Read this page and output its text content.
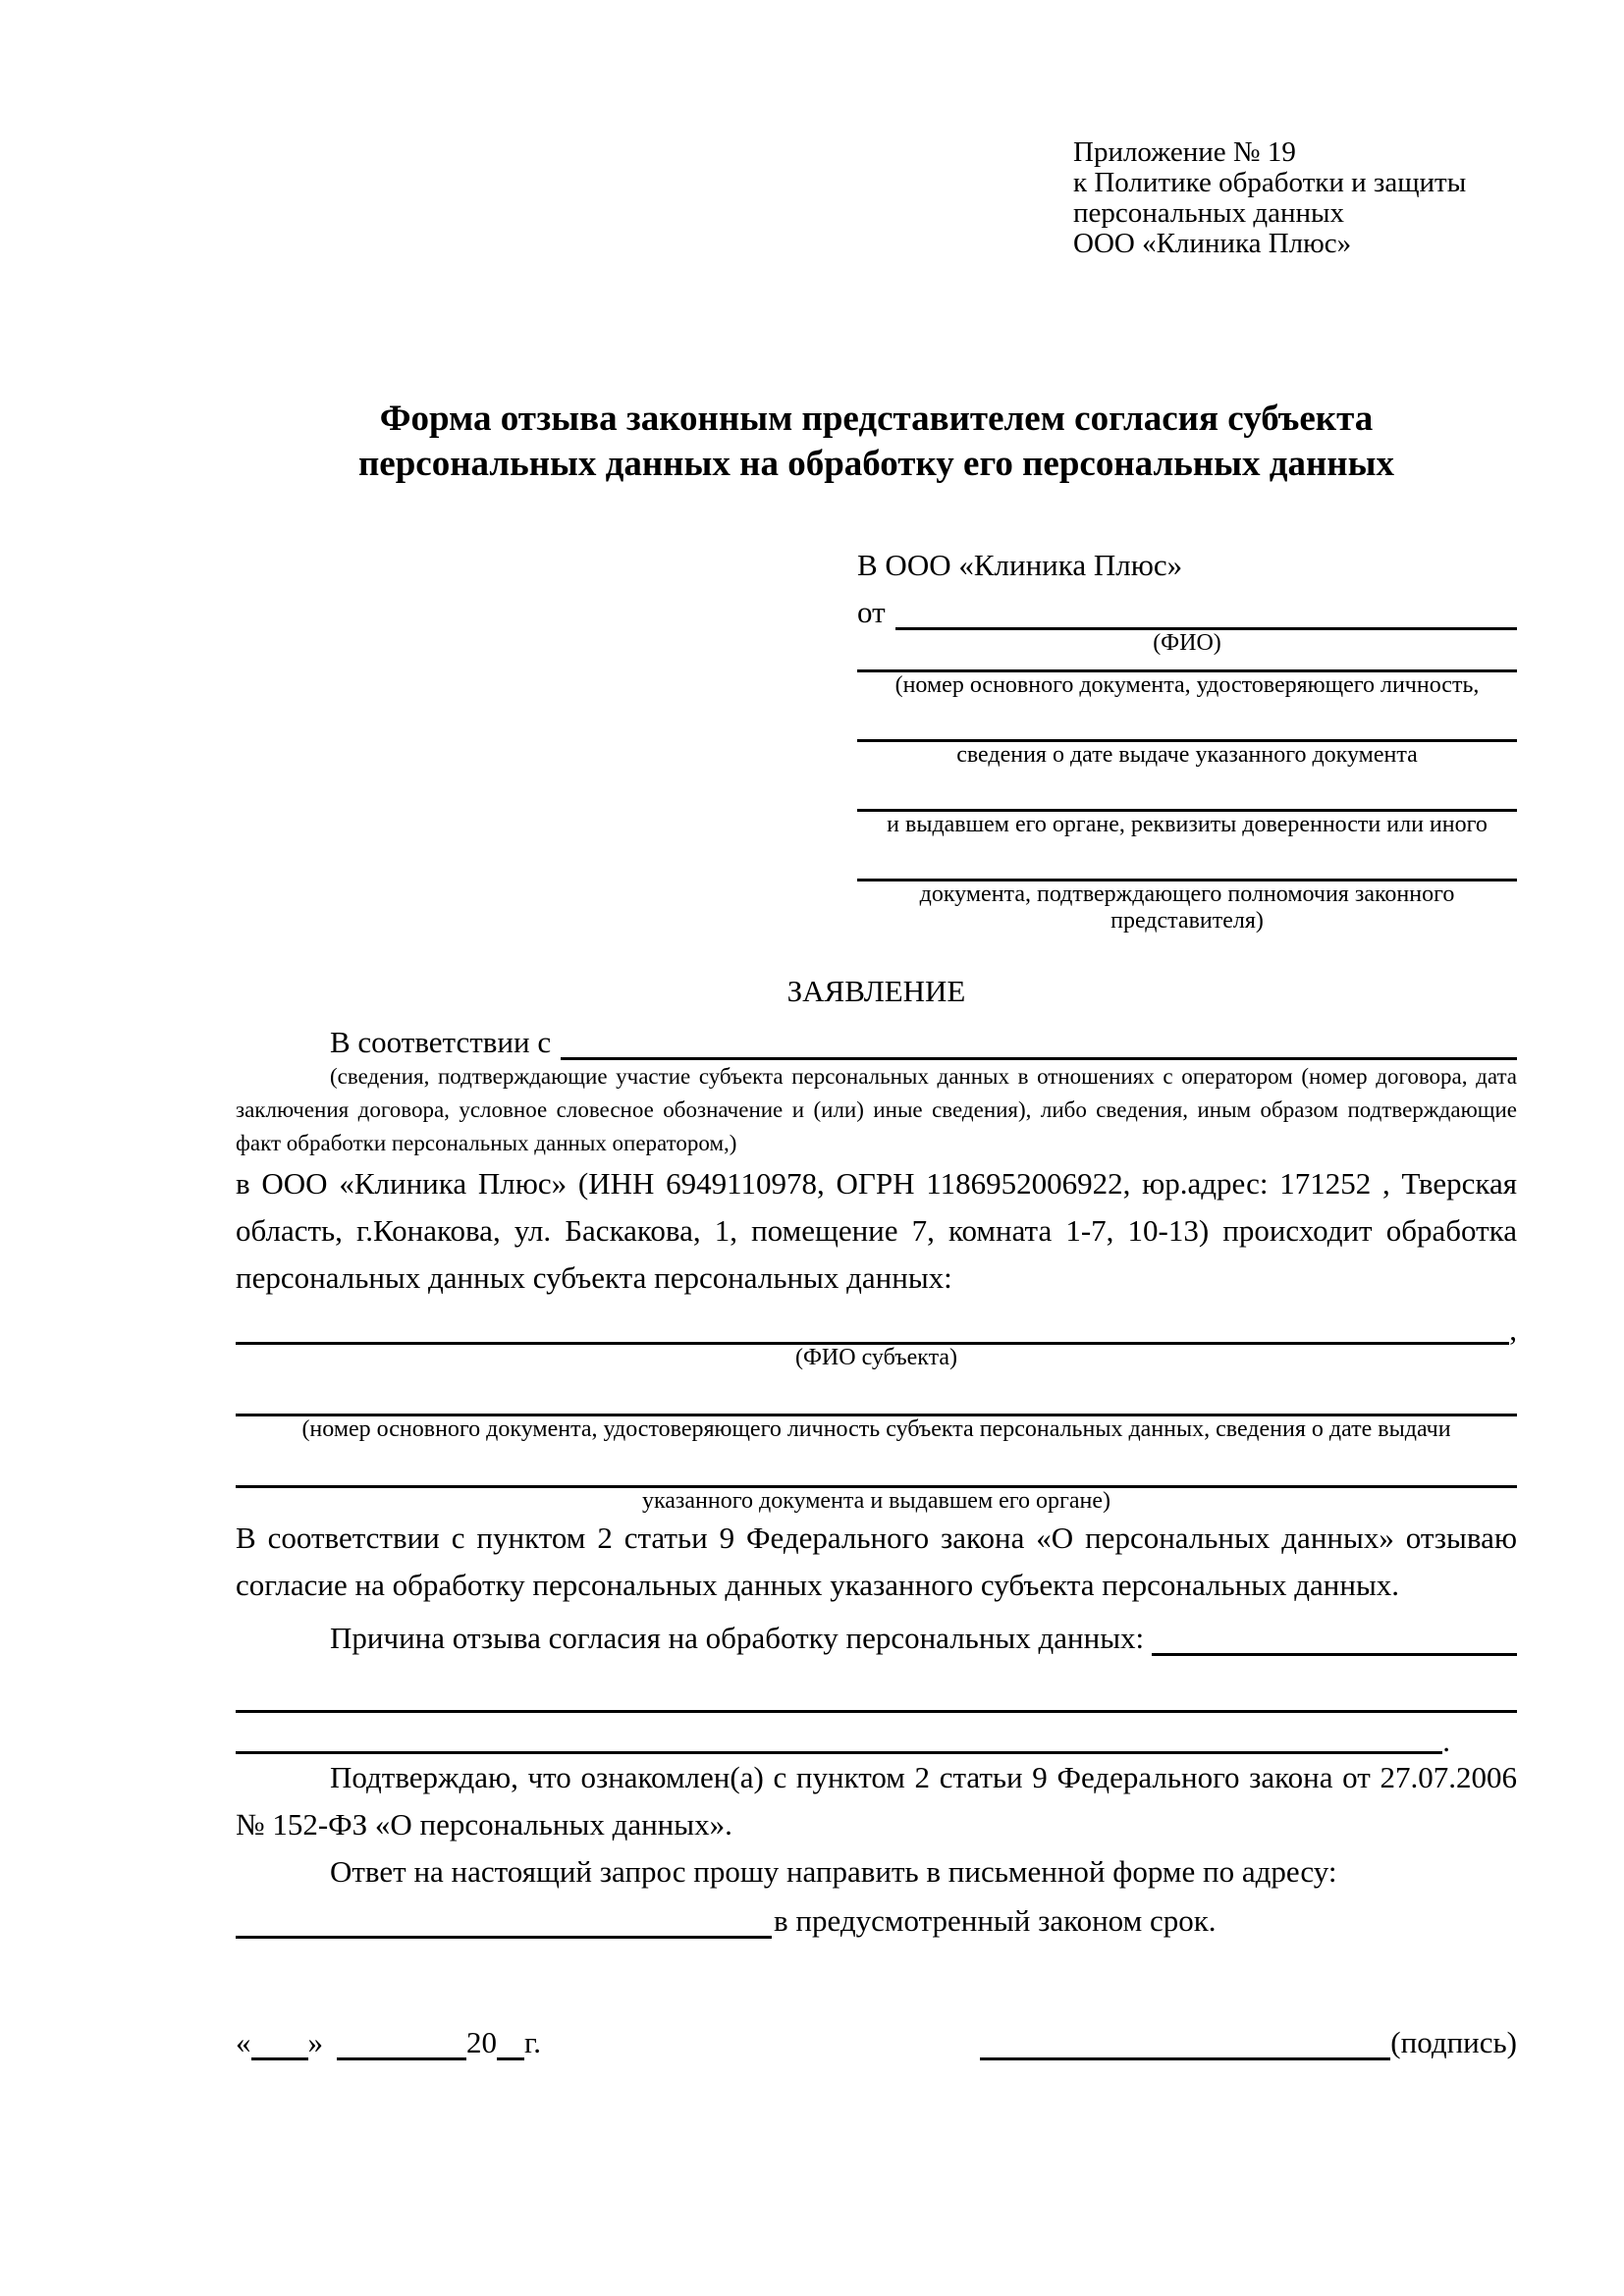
Приложение № 19
к Политике обработки и защиты
персональных данных
ООО «Клиника Плюс»
Форма отзыва законным представителем согласия субъекта персональных данных на обработку его персональных данных
В ООО «Клиника Плюс»
от
(ФИО)
(номер основного документа, удостоверяющего личность,
сведения о дате выдаче указанного документа
и выдавшем его органе, реквизиты доверенности или иного
документа, подтверждающего полномочия законного представителя)
ЗАЯВЛЕНИЕ
В соответствии с
(сведения, подтверждающие участие субъекта персональных данных в отношениях с оператором (номер договора, дата заключения договора, условное словесное обозначение и (или) иные сведения), либо сведения, иным образом подтверждающие факт обработки персональных данных оператором,)
в ООО «Клиника Плюс» (ИНН 6949110978, ОГРН 1186952006922, юр.адрес: 171252 , Тверская область, г.Конакова, ул. Баскакова, 1, помещение 7, комната 1-7, 10-13) происходит обработка персональных данных субъекта персональных данных:
,
(ФИО субъекта)
(номер основного документа, удостоверяющего личность субъекта персональных данных, сведения о дате выдачи
указанного документа и выдавшем его органе)
В соответствии с пунктом 2 статьи 9 Федерального закона «О персональных данных» отзываю согласие на обработку персональных данных указанного субъекта персональных данных.
Причина отзыва согласия на обработку персональных данных:
.
Подтверждаю, что ознакомлен(а) с пунктом 2 статьи 9 Федерального закона от 27.07.2006 № 152-ФЗ «О персональных данных».
Ответ на настоящий запрос прошу направить в письменной форме по адресу:
в предусмотренный законом срок.
« »	20 г.	(подпись)
